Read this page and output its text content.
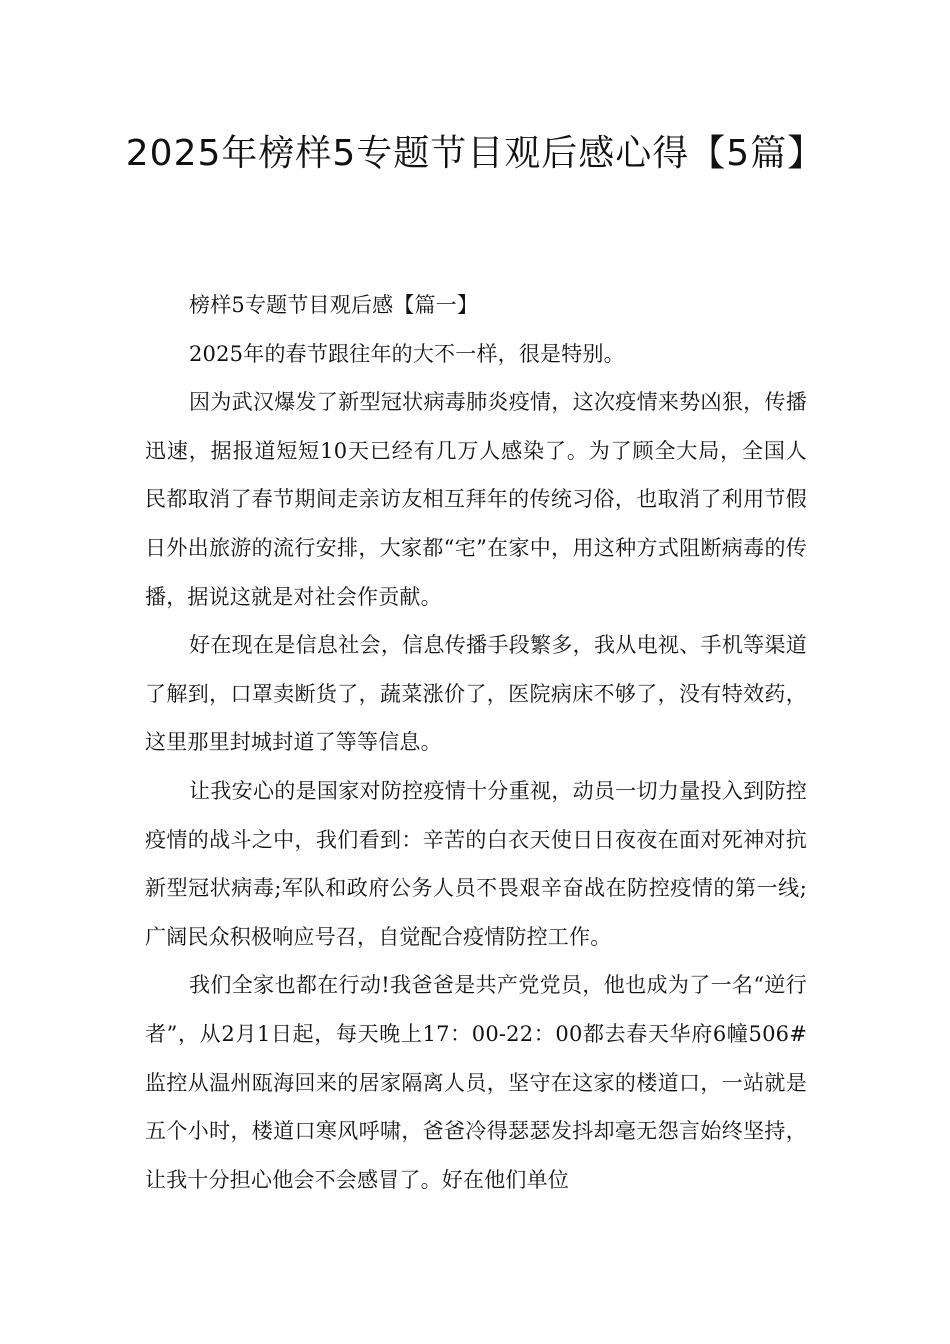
2025年榜样5专题节目观后感心得【5篇】

榜样5专题节目观后感【篇一】

2025年的春节跟往年的大不一样，很是特别。

因为武汉爆发了新型冠状病毒肺炎疫情，这次疫情来势凶狠，传播迅速，据报道短短10天已经有几万人感染了。为了顾全大局，全国人民都取消了春节期间走亲访友相互拜年的传统习俗，也取消了利用节假日外出旅游的流行安排，大家都“宅”在家中，用这种方式阻断病毒的传播，据说这就是对社会作贡献。

好在现在是信息社会，信息传播手段繁多，我从电视、手机等渠道了解到，口罩卖断货了，蔬菜涨价了，医院病床不够了，没有特效药，这里那里封城封道了等等信息。

让我安心的是国家对防控疫情十分重视，动员一切力量投入到防控疫情的战斗之中，我们看到：辛苦的白衣天使日日夜夜在面对死神对抗新型冠状病毒;军队和政府公务人员不畏艰辛奋战在防控疫情的第一线;广阔民众积极响应号召，自觉配合疫情防控工作。

我们全家也都在行动!我爸爸是共产党党员，他也成为了一名“逆行者”，从2月1日起，每天晚上17：00-22：00都去春天华府6幢506#监控从温州瓯海回来的居家隔离人员，坚守在这家的楼道口，一站就是五个小时，楼道口寒风呼啸，爸爸冷得瑟瑟发抖却毫无怨言始终坚持，让我十分担心他会不会感冒了。好在他们单位
